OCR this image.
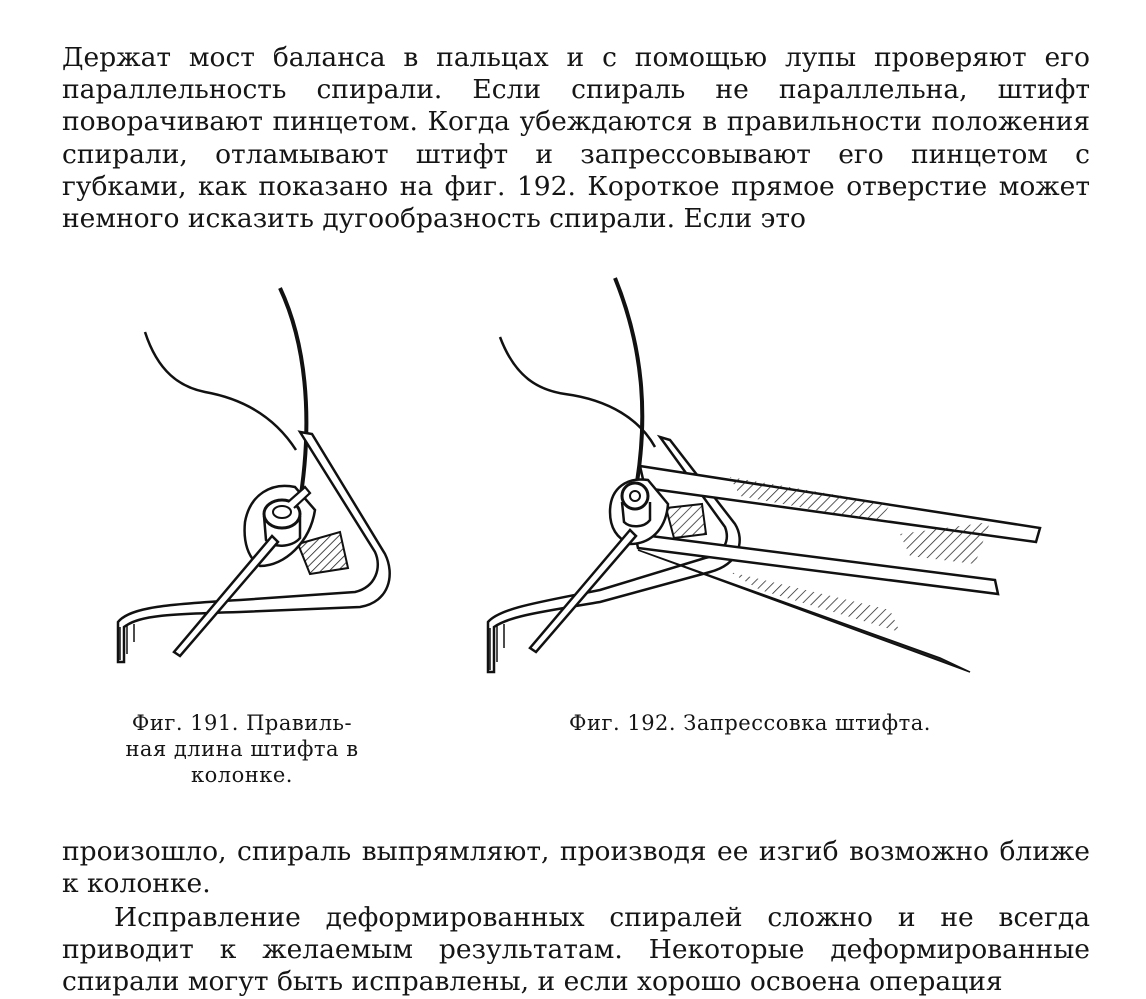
Держат мост баланса в пальцах и с помощью лупы проверяют его параллельность спирали. Если спираль не параллельна, штифт поворачивают пинцетом. Когда убеждаются в правильности положения спирали, отламывают штифт и запрессовывают его пинцетом с губками, как показано на фиг. 192. Короткое прямое отверстие может немного исказить дугообразность спирали. Если это

Фиг. 191. Правиль-
ная длина штифта в
колонке.
Фиг. 192. Запрессовка штифта.

произошло, спираль выпрямляют, производя ее изгиб возможно ближе к колонке.

Исправление деформированных спиралей сложно и не всегда приводит к желаемым результатам. Некоторые деформированные спирали могут быть исправлены, и если хорошо освоена операция
